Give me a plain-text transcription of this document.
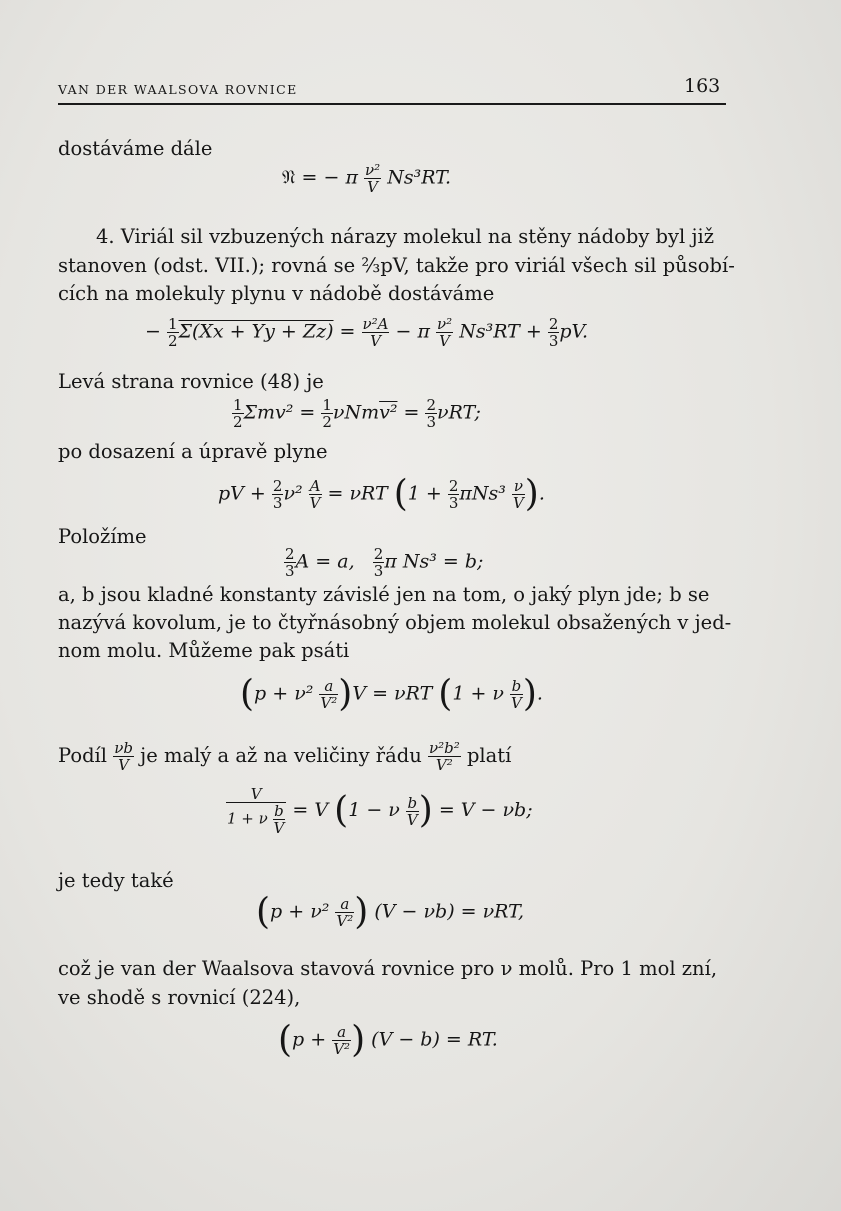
VAN DER WAALSOVA ROVNICE	163
dostáváme dále
𝔑 = − π $\frac{\text{ν²}}{V} Ns^3RT$.
4. Viriál sil vzbuzených nárazy molekul na stěny nádoby byl již
stanoven (odst. VII.); rovná se ⅔pV, takže pro viriál všech sil působí-
cích na molekuly plynu v nádobě dostáváme
− $\frac{1}{2} \Sigma(Xx + Yy + Zz) = \frac{\text{ν²A}}{V} - \pi \frac{\text{ν²}}{V} Ns^3RT + \frac{2}{3}$ pV.
Levá strana rovnice (48) je
$\frac{1}{2} \Sigma mv^2 = \frac{1}{2} \nu Nmv^2 = \frac{2}{3} \nu RT$;
po dosazení a úpravě plyne
pV + $\frac{2}{3} \nu^2 \frac{A}{V} = \nu RT$ ($1 + \frac{2}{3} \pi Ns^3 \frac{\nu}{V}$ ).
Položíme
$\frac{2}{3}$ A = a, $\frac{2}{3}$ π Ns³ = b;
a, b jsou kladné konstanty závislé jen na tom, o jaký plyn jde; b se
nazývá kovolum, je to čtyřnásobný objem molekul obsažených v jed-
nom molu. Můžeme pak psáti
$(p + \nu^2 \frac{a}{\text{V²}} )V = \nu RT$ (1 + ν $\frac{b}{V}$ ).
Podíl $\frac{\nu b}{V}$ je malý a až na veličiny řádu $\frac{\text{ν²b²}}{\text{V²}}$ platí
$\frac{V}{1 + \nu \frac{b}{V}} = V$ (1 − ν $\frac{b}{V}$ ) = V − νb;
je tedy také
($p + \nu^2 \frac{a}{\text{V²}}$ ) (V − νb) = νRT,
což je van der Waalsova stavová rovnice pro ν molů. Pro 1 mol zní,
ve shodě s rovnicí (224),
($p + \frac{a}{\text{V²}}$ ) (V − b) = RT.
